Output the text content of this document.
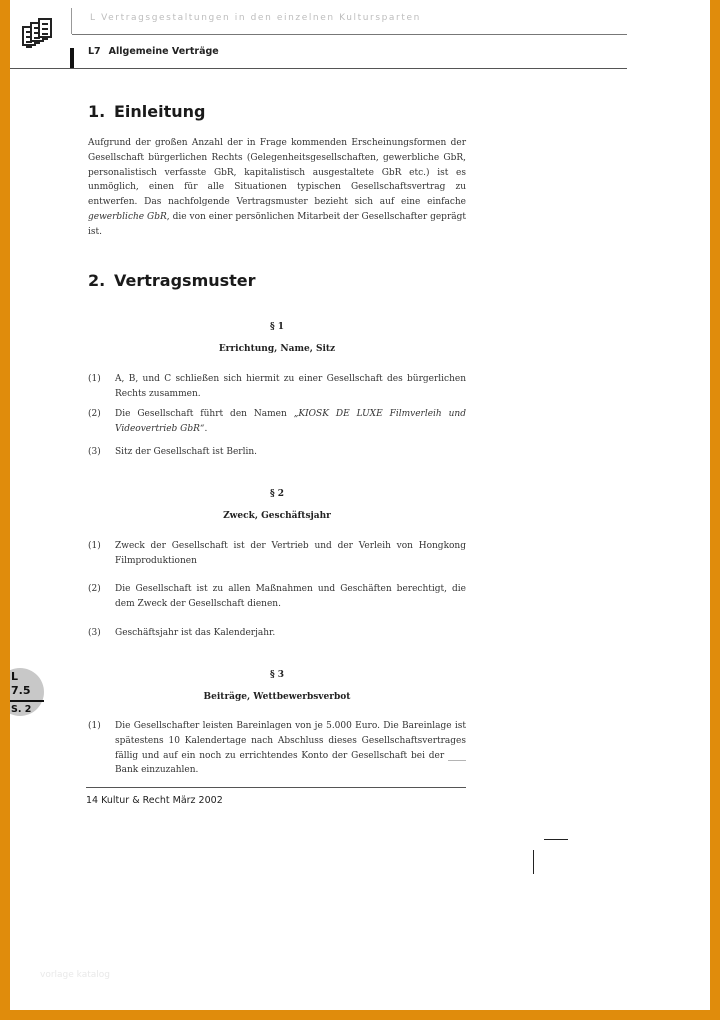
L Vertragsgestaltungen in den einzelnen Kultursparten
L7 Allgemeine Verträge
1. Einleitung

Aufgrund der großen Anzahl der in Frage kommenden Erscheinungsformen der Gesellschaft bürgerlichen Rechts (Gelegenheitsgesellschaften, gewerbliche GbR, personalistisch verfasste GbR, kapitalistisch ausgestaltete GbR etc.) ist es unmöglich, einen für alle Situationen typischen Gesellschaftsvertrag zu entwerfen. Das nachfolgende Vertragsmuster bezieht sich auf eine einfache gewerbliche GbR, die von einer persönlichen Mitarbeit der Gesellschafter geprägt ist.

2. Vertragsmuster
§ 1
Errichtung, Name, Sitz
(1)	A, B, und C schließen sich hiermit zu einer Gesellschaft des bürgerlichen Rechts zusammen.
(2)	Die Gesellschaft führt den Namen „KIOSK DE LUXE Filmverleih und Videovertrieb GbR“.
(3)	Sitz der Gesellschaft ist Berlin.
§ 2
Zweck, Geschäftsjahr
(1)	Zweck der Gesellschaft ist der Vertrieb und der Verleih von Hongkong Filmproduktionen
(2)	Die Gesellschaft ist zu allen Maßnahmen und Geschäften berechtigt, die dem Zweck der Gesellschaft dienen.
(3)	Geschäftsjahr ist das Kalenderjahr.
§ 3
Beiträge, Wettbewerbsverbot
(1)	Die Gesellschafter leisten Bareinlagen von je 5.000 Euro. Die Bareinlage ist spätestens 10 Kalendertage nach Abschluss dieses Gesellschaftsvertrages fällig und auf ein noch zu errichtendes Konto der Gesellschaft bei der ____ Bank einzuzahlen.
L
7.5
S. 2
14 Kultur & Recht März 2002
vorlage katalog
